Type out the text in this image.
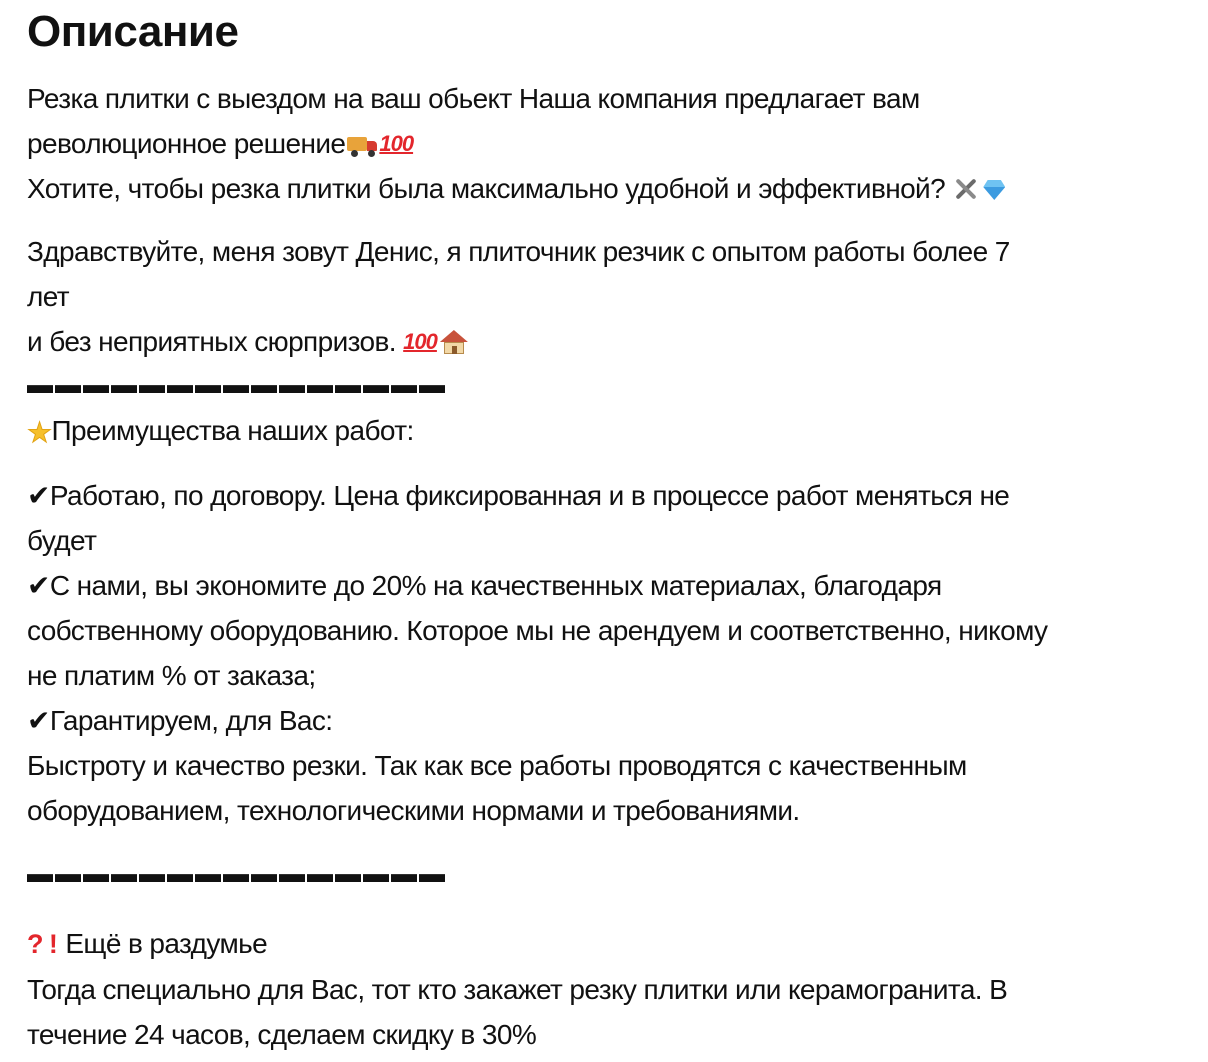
Описание
Резка плитки с выездом на ваш обьект Наша компания предлагает вам
революционное решение 100
Хотите, чтобы резка плитки была максимально удобной и эффективной?
Здравствуйте, меня зовут Денис, я плиточник резчик с опытом работы более 7
лет
и без неприятных сюрпризов. 100
▬▬▬▬▬▬▬▬▬▬▬▬▬▬▬
★Преимущества наших работ:
✔Работаю, по договору. Цена фиксированная и в процессе работ меняться не
будет
✔С нами, вы экономите до 20% на качественных материалах, благодаря
собственному оборудованию. Которое мы не арендуем и соответственно, никому
не платим % от заказа;
✔Гарантируем, для Вас:
Быстроту и качество резки. Так как все работы проводятся с качественным
оборудованием, технологическими нормами и требованиями.
▬▬▬▬▬▬▬▬▬▬▬▬▬▬▬
? ! Ещё в раздумье
Тогда специально для Вас, тот кто закажет резку плитки или керамогранита. В
течение 24 часов, сделаем скидку в 30%
